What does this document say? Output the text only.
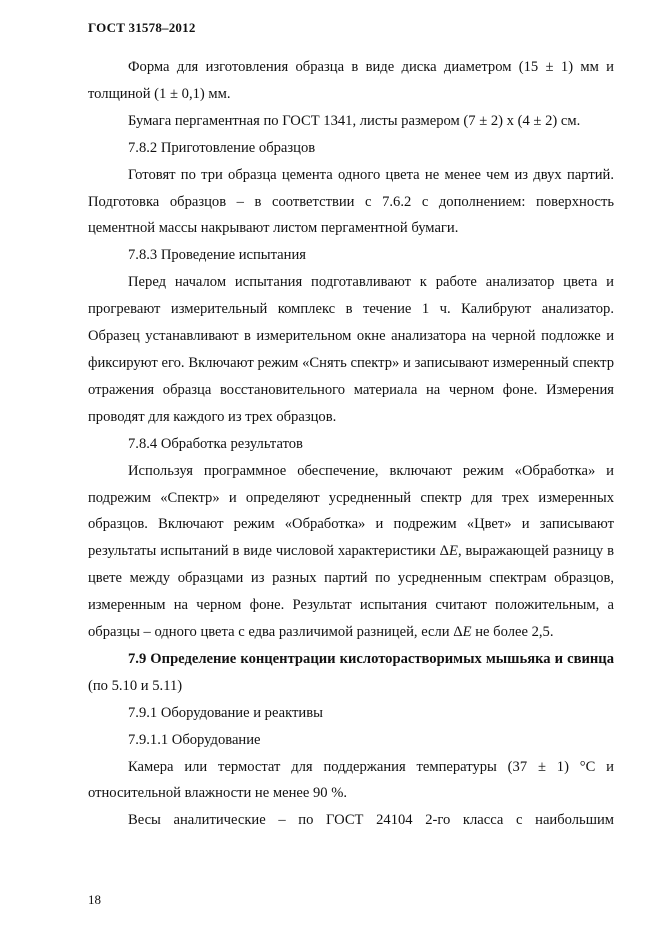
ГОСТ 31578–2012

Форма для изготовления образца в виде диска диаметром (15 ± 1) мм и толщиной (1 ± 0,1) мм.

Бумага пергаментная по ГОСТ 1341, листы размером (7 ± 2) х (4 ± 2) см.

7.8.2 Приготовление образцов

Готовят по три образца цемента одного цвета не менее чем из двух партий. Подготовка образцов – в соответствии с 7.6.2 с дополнением: поверхность цементной массы накрывают листом пергаментной бумаги.

7.8.3 Проведение испытания

Перед началом испытания подготавливают к работе анализатор цвета и прогревают измерительный комплекс в течение 1 ч. Калибруют анализатор. Образец устанавливают в измерительном окне анализатора на черной подложке и фиксируют его. Включают режим «Снять спектр» и записывают измеренный спектр отражения образца восстановительного материала на черном фоне. Измерения проводят для каждого из трех образцов.

7.8.4 Обработка результатов

Используя программное обеспечение, включают режим «Обработка» и подрежим «Спектр» и определяют усредненный спектр для трех измеренных образцов. Включают режим «Обработка» и подрежим «Цвет» и записывают результаты испытаний в виде числовой характеристики ΔE, выражающей разницу в цвете между образцами из разных партий по усредненным спектрам образцов, измеренным на черном фоне. Результат испытания считают положительным, а образцы – одного цвета с едва различимой разницей, если ΔE не более 2,5.

7.9 Определение концентрации кислоторастворимых мышьяка и свинца (по 5.10 и 5.11)

7.9.1 Оборудование и реактивы

7.9.1.1 Оборудование

Камера или термостат для поддержания температуры (37 ± 1) °С и относительной влажности не менее 90 %.

Весы аналитические – по ГОСТ 24104 2-го класса с наибольшим

18
